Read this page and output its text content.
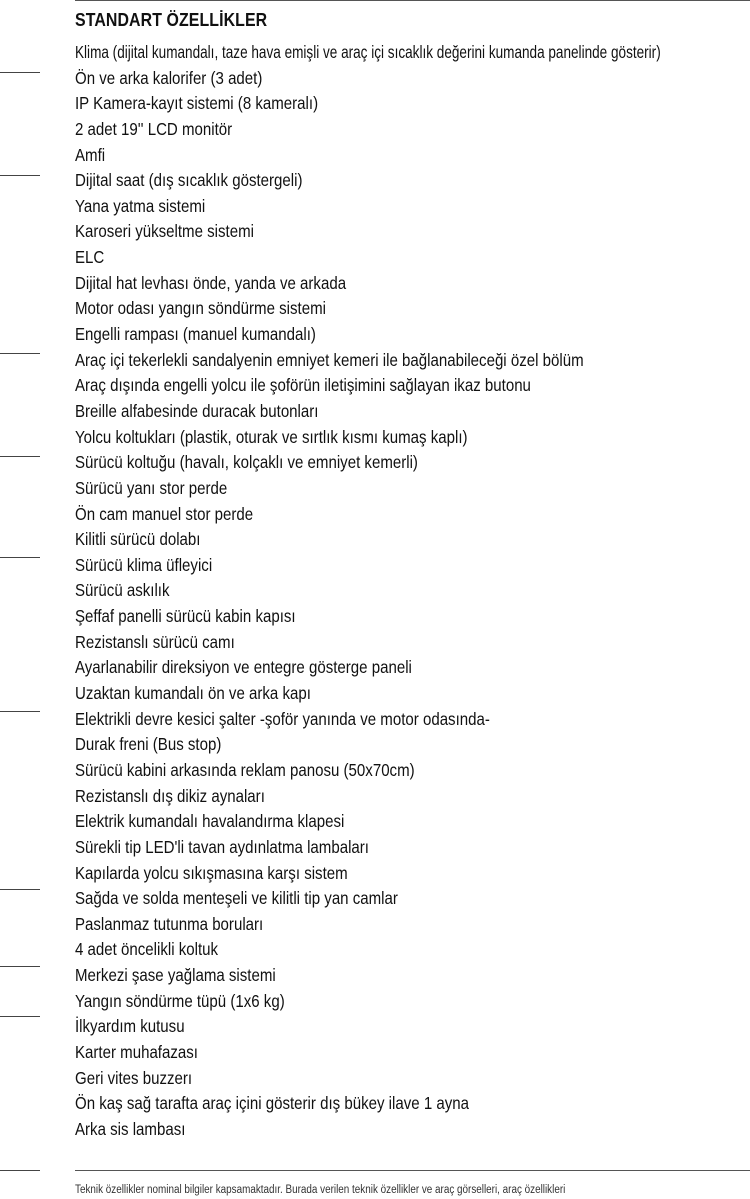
STANDART ÖZELLİKLER
Klima (dijital kumandalı, taze hava emişli ve araç içi sıcaklık değerini kumanda panelinde gösterir)
Ön ve arka kalorifer (3 adet)
IP Kamera-kayıt sistemi (8 kameralı)
2 adet 19'' LCD monitör
Amfi
Dijital saat (dış sıcaklık göstergeli)
Yana yatma sistemi
Karoseri yükseltme sistemi
ELC
Dijital hat levhası önde, yanda ve arkada
Motor odası yangın söndürme sistemi
Engelli rampası (manuel kumandalı)
Araç içi tekerlekli sandalyenin emniyet kemeri ile bağlanabileceği özel bölüm
Araç dışında engelli yolcu ile şoförün iletişimini sağlayan ikaz butonu
Breille alfabesinde duracak butonları
Yolcu koltukları (plastik, oturak ve sırtlık kısmı kumaş kaplı)
Sürücü koltuğu (havalı, kolçaklı ve emniyet kemerli)
Sürücü yanı stor perde
Ön cam manuel stor perde
Kilitli sürücü dolabı
Sürücü klima üfleyici
Sürücü askılık
Şeffaf panelli sürücü kabin kapısı
Rezistanslı sürücü camı
Ayarlanabilir direksiyon ve entegre gösterge paneli
Uzaktan kumandalı ön ve arka kapı
Elektrikli devre kesici şalter -şoför yanında ve motor odasında-
Durak freni (Bus stop)
Sürücü kabini arkasında reklam panosu (50x70cm)
Rezistanslı dış dikiz aynaları
Elektrik kumandalı havalandırma klapesi
Sürekli tip LED'li tavan aydınlatma lambaları
Kapılarda yolcu sıkışmasına karşı sistem
Sağda ve solda menteşeli ve kilitli tip yan camlar
Paslanmaz tutunma boruları
4 adet öncelikli koltuk
Merkezi şase yağlama sistemi
Yangın söndürme tüpü (1x6 kg)
İlkyardım kutusu
Karter muhafazası
Geri vites buzzerı
Ön kaş sağ tarafta araç içini gösterir dış bükey ilave 1 ayna
Arka sis lambası
Teknik özellikler nominal bilgiler kapsamaktadır. Burada verilen teknik özellikler ve araç görselleri, araç özellikleri
